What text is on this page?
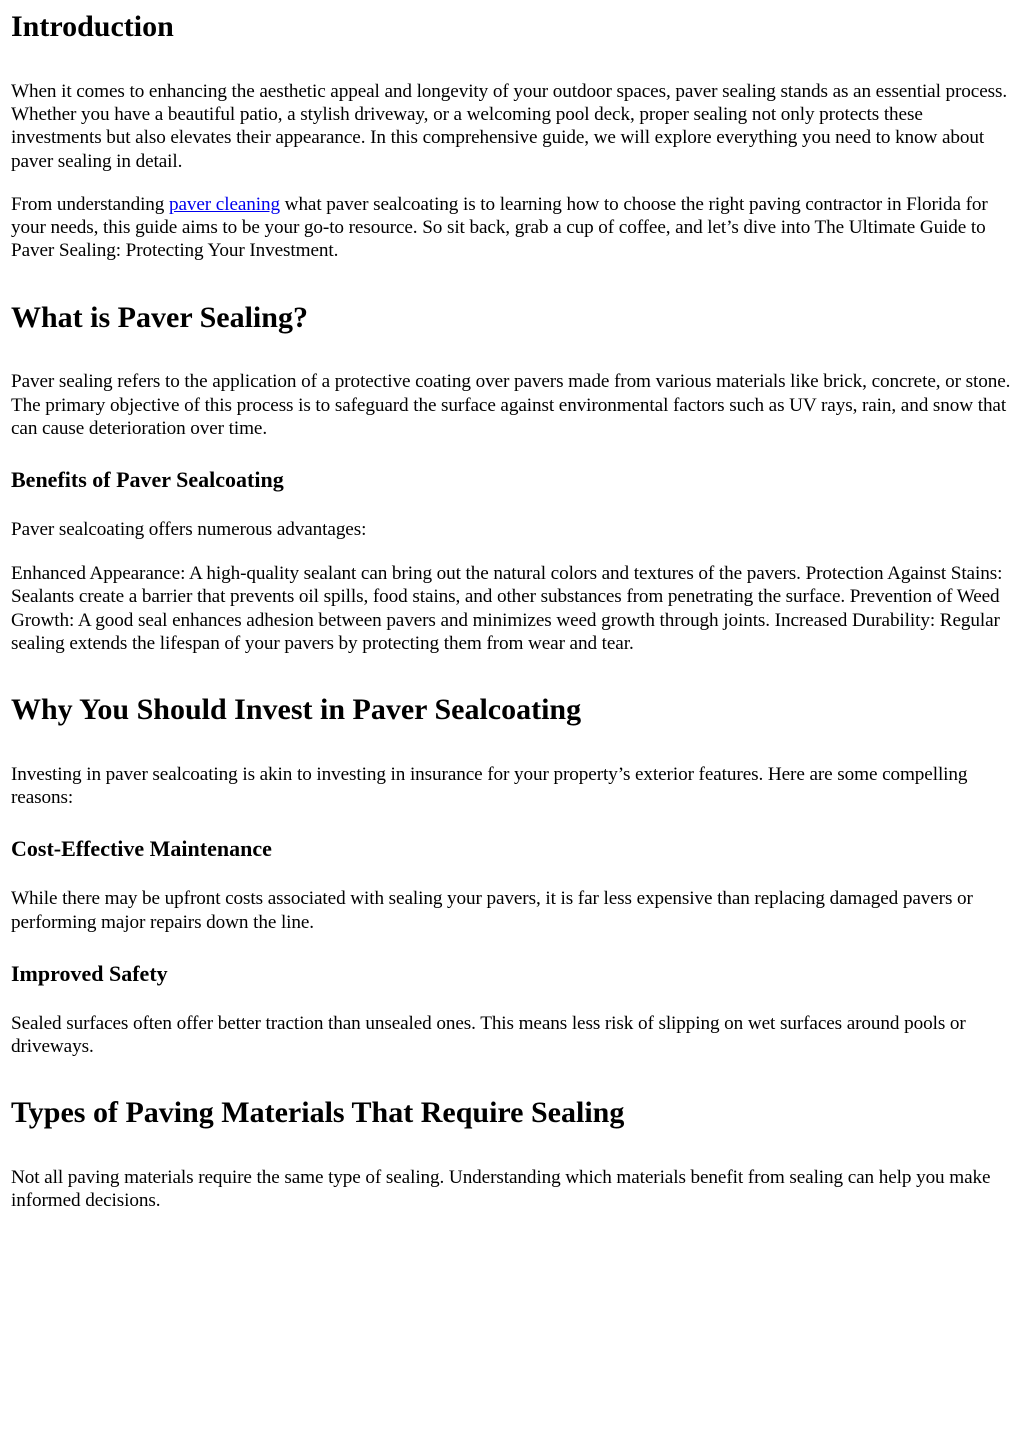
Introduction

When it comes to enhancing the aesthetic appeal and longevity of your outdoor spaces, paver sealing stands as an essential process. Whether you have a beautiful patio, a stylish driveway, or a welcoming pool deck, proper sealing not only protects these investments but also elevates their appearance. In this comprehensive guide, we will explore everything you need to know about paver sealing in detail.

From understanding paver cleaning what paver sealcoating is to learning how to choose the right paving contractor in Florida for your needs, this guide aims to be your go-to resource. So sit back, grab a cup of coffee, and let’s dive into The Ultimate Guide to Paver Sealing: Protecting Your Investment.

What is Paver Sealing?

Paver sealing refers to the application of a protective coating over pavers made from various materials like brick, concrete, or stone. The primary objective of this process is to safeguard the surface against environmental factors such as UV rays, rain, and snow that can cause deterioration over time.

Benefits of Paver Sealcoating

Paver sealcoating offers numerous advantages:

Enhanced Appearance: A high-quality sealant can bring out the natural colors and textures of the pavers. Protection Against Stains: Sealants create a barrier that prevents oil spills, food stains, and other substances from penetrating the surface. Prevention of Weed Growth: A good seal enhances adhesion between pavers and minimizes weed growth through joints. Increased Durability: Regular sealing extends the lifespan of your pavers by protecting them from wear and tear.

Why You Should Invest in Paver Sealcoating

Investing in paver sealcoating is akin to investing in insurance for your property’s exterior features. Here are some compelling reasons:

Cost-Effective Maintenance

While there may be upfront costs associated with sealing your pavers, it is far less expensive than replacing damaged pavers or performing major repairs down the line.

Improved Safety

Sealed surfaces often offer better traction than unsealed ones. This means less risk of slipping on wet surfaces around pools or driveways.

Types of Paving Materials That Require Sealing

Not all paving materials require the same type of sealing. Understanding which materials benefit from sealing can help you make informed decisions.
